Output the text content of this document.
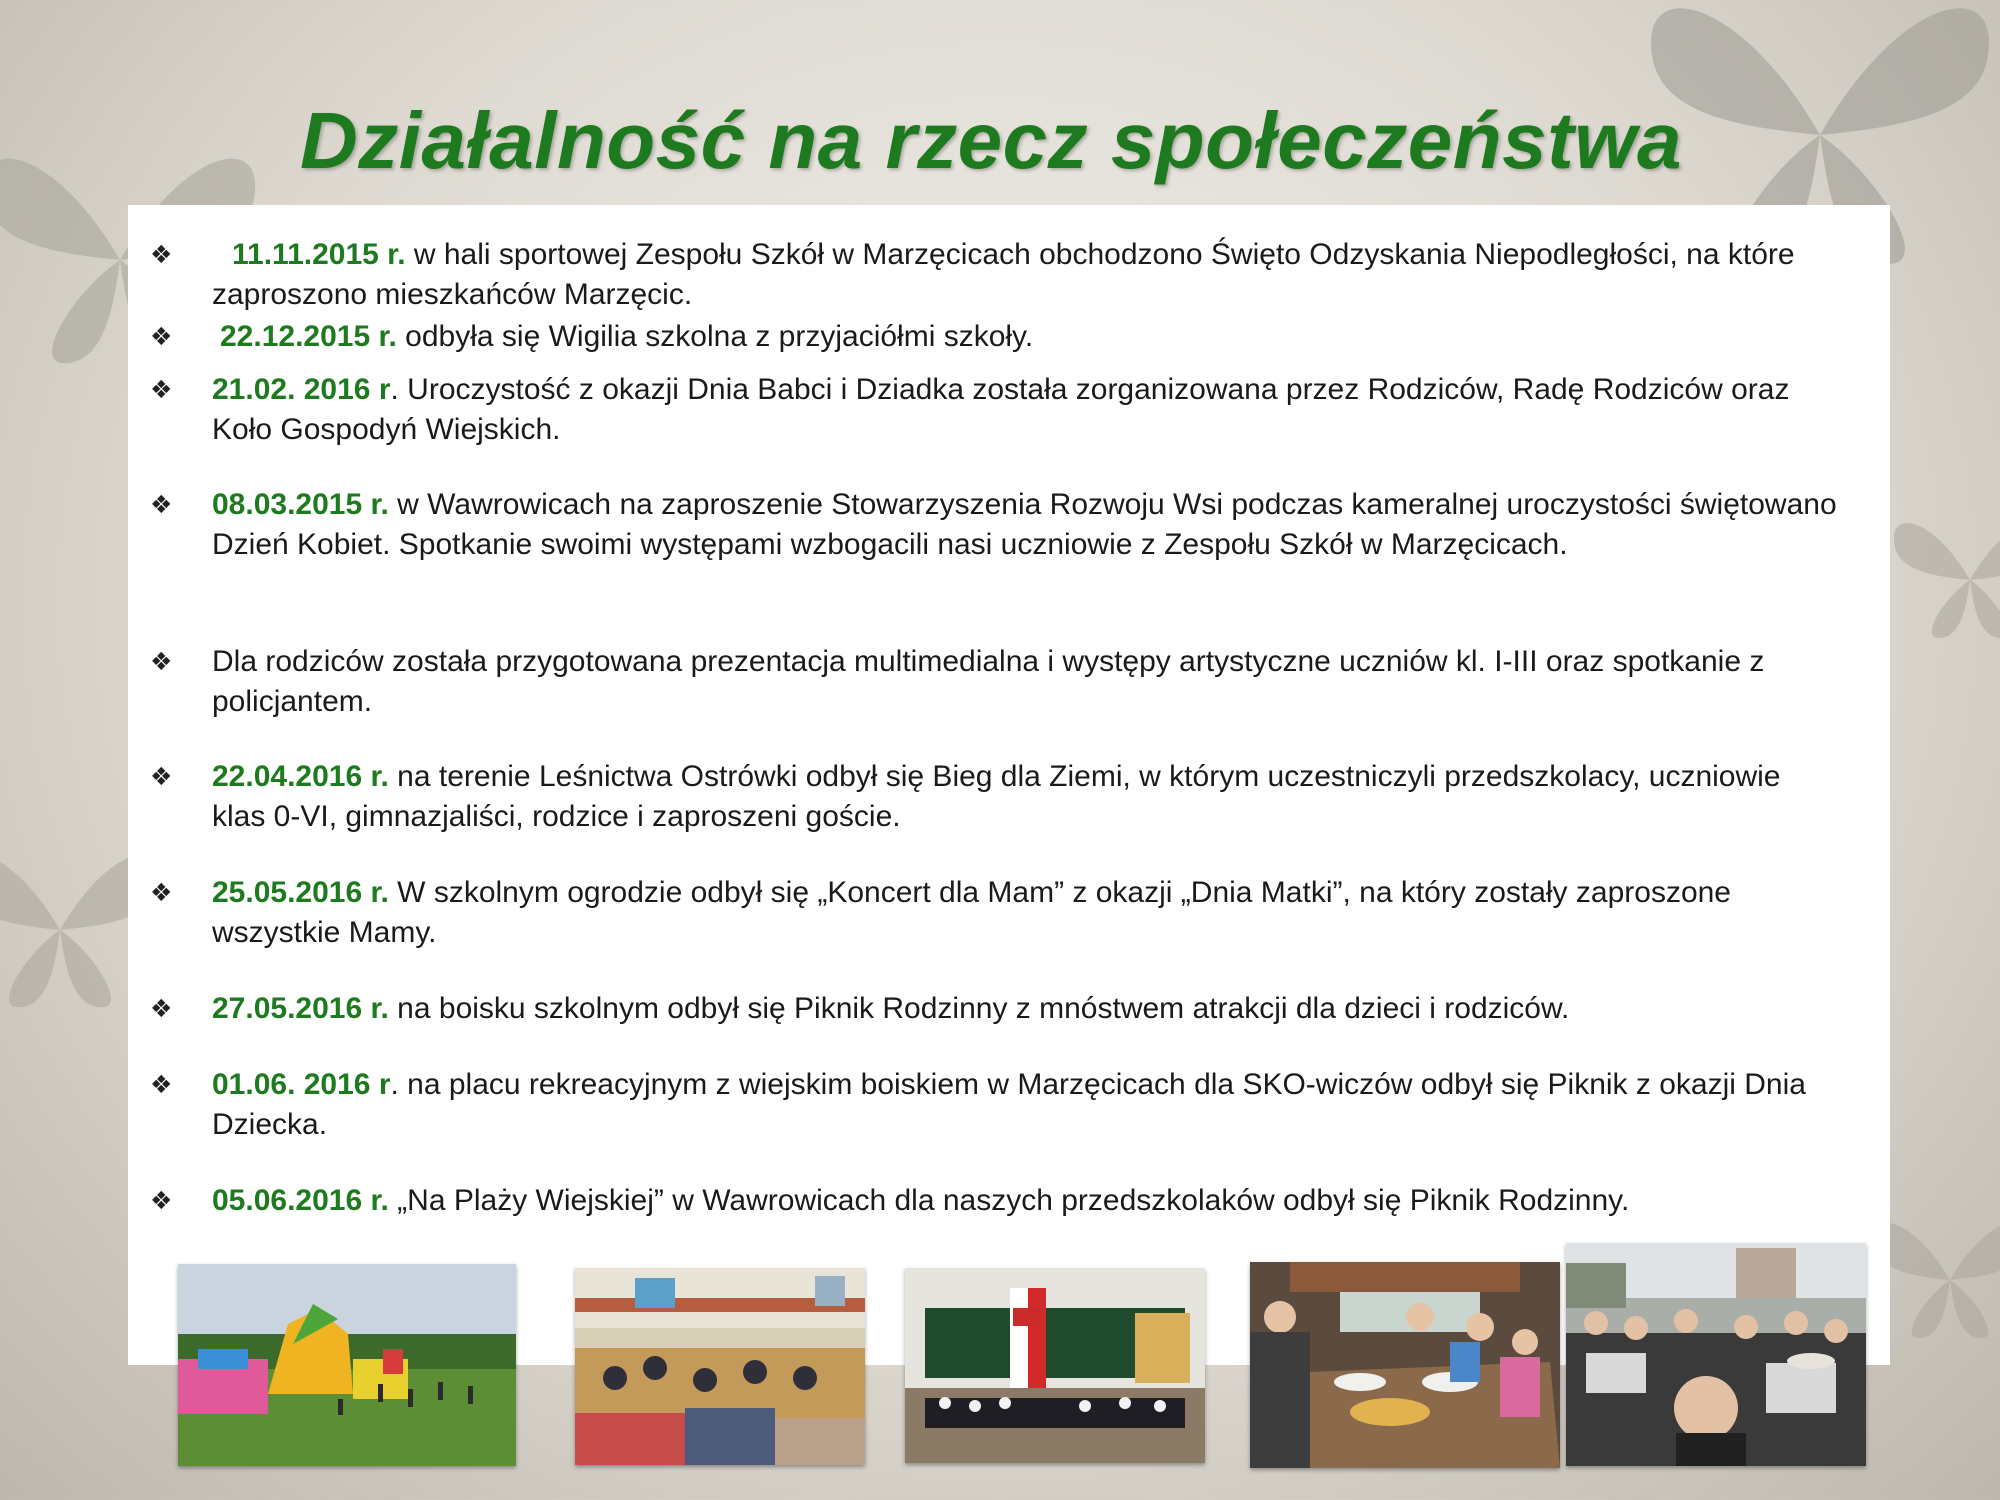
Działalność na rzecz społeczeństwa
❖	11.11.2015 r. w hali sportowej Zespołu Szkół w Marzęcicach obchodzono Święto Odzyskania Niepodległości, na które zaproszono mieszkańców Marzęcic.
❖ 22.12.2015 r. odbyła się Wigilia szkolna z przyjaciółmi szkoły.
❖ 21.02. 2016 r. Uroczystość z okazji Dnia Babci i Dziadka została zorganizowana przez Rodziców, Radę Rodziców oraz Koło Gospodyń Wiejskich.
❖ 08.03.2015 r. w Wawrowicach na zaproszenie Stowarzyszenia Rozwoju Wsi podczas kameralnej uroczystości świętowano Dzień Kobiet. Spotkanie swoimi występami wzbogacili nasi uczniowie z Zespołu Szkół w Marzęcicach.
❖ Dla rodziców została przygotowana prezentacja multimedialna i występy artystyczne uczniów kl. I-III oraz spotkanie z policjantem.
❖ 22.04.2016 r. na terenie Leśnictwa Ostrówki odbył się Bieg dla Ziemi, w którym uczestniczyli przedszkolacy, uczniowie klas 0-VI, gimnazjaliści, rodzice i zaproszeni goście.
❖ 25.05.2016 r. W szkolnym ogrodzie odbył się „Koncert dla Mam” z okazji „Dnia Matki”, na który zostały zaproszone wszystkie Mamy.
❖ 27.05.2016 r. na boisku szkolnym odbył się Piknik Rodzinny z mnóstwem atrakcji dla dzieci i rodziców.
❖ 01.06. 2016 r. na placu rekreacyjnym z wiejskim boiskiem w Marzęcicach dla SKO-wiczów odbył się Piknik z okazji Dnia Dziecka.
❖ 05.06.2016 r. „Na Plaży Wiejskiej” w Wawrowicach dla naszych przedszkolaków odbył się Piknik Rodzinny.
